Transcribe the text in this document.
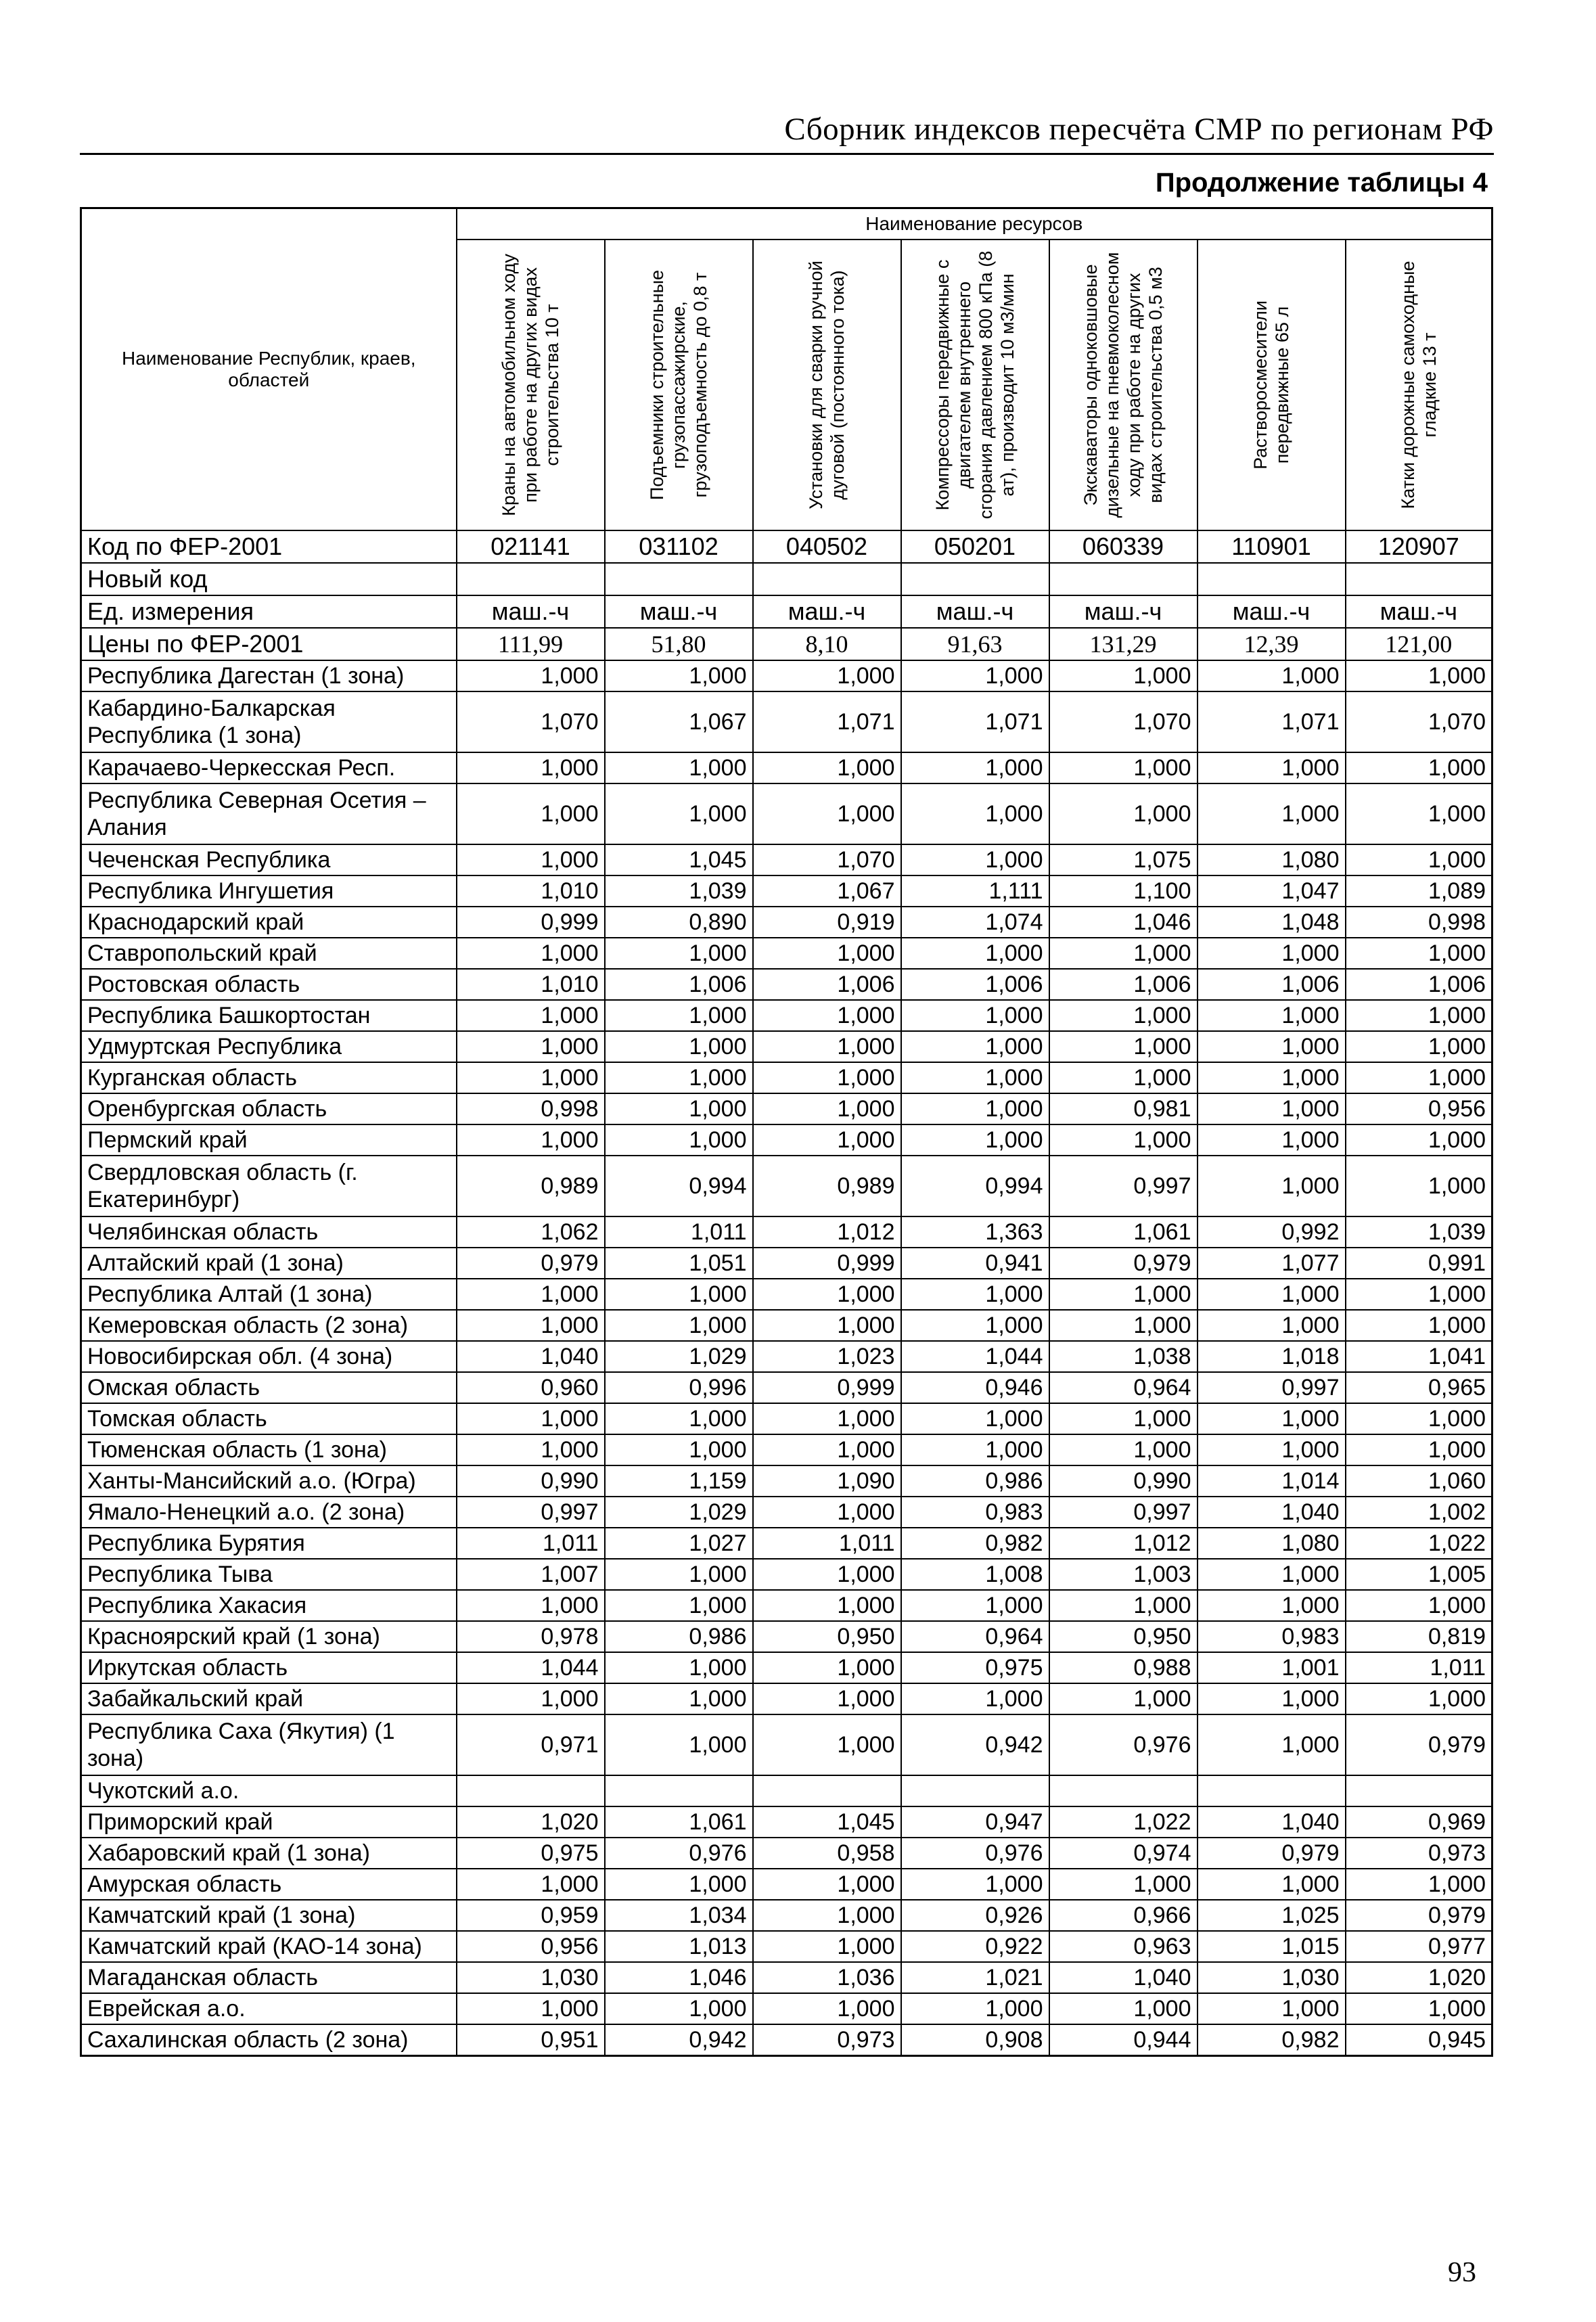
Сборник индексов пересчёта СМР по регионам РФ
Продолжение таблицы 4
Наименование Республик, краев, областей	Наименование ресурсов						

	Краны на автомобильном ходу при работе на других видах строительства 10 т	Подъемники строительные грузопассажирские, грузоподъемность до 0,8 т	Установки для сварки ручной дуговой (постоянного тока)	Компрессоры передвижные с двигателем внутреннего сгорания давлением 800 кПа (8 ат), производит 10 м3/мин	Экскаваторы одноковшовые дизельные на пневмоколесном ходу при работе на других видах строительства 0,5 м3	Растворосмесители передвижные 65 л	Катки дорожные самоходные гладкие 13 т

Код по ФЕР-2001	021141	031102	040502	050201	060339	110901	120907
Новый код							
Ед. измерения	маш.-ч	маш.-ч	маш.-ч	маш.-ч	маш.-ч	маш.-ч	маш.-ч
Цены по ФЕР-2001	111,99	51,80	8,10	91,63	131,29	12,39	121,00
Республика Дагестан (1 зона)	1,000	1,000	1,000	1,000	1,000	1,000	1,000
Кабардино-Балкарская Республика (1 зона)	1,070	1,067	1,071	1,071	1,070	1,071	1,070
Карачаево-Черкесская Респ.	1,000	1,000	1,000	1,000	1,000	1,000	1,000
Республика Северная Осетия – Алания	1,000	1,000	1,000	1,000	1,000	1,000	1,000
Чеченская Республика	1,000	1,045	1,070	1,000	1,075	1,080	1,000
Республика Ингушетия	1,010	1,039	1,067	1,111	1,100	1,047	1,089
Краснодарский край	0,999	0,890	0,919	1,074	1,046	1,048	0,998
Ставропольский край	1,000	1,000	1,000	1,000	1,000	1,000	1,000
Ростовская область	1,010	1,006	1,006	1,006	1,006	1,006	1,006
Республика Башкортостан	1,000	1,000	1,000	1,000	1,000	1,000	1,000
Удмуртская Республика	1,000	1,000	1,000	1,000	1,000	1,000	1,000
Курганская область	1,000	1,000	1,000	1,000	1,000	1,000	1,000
Оренбургская область	0,998	1,000	1,000	1,000	0,981	1,000	0,956
Пермский край	1,000	1,000	1,000	1,000	1,000	1,000	1,000
Свердловская область (г. Екатеринбург)	0,989	0,994	0,989	0,994	0,997	1,000	1,000
Челябинская область	1,062	1,011	1,012	1,363	1,061	0,992	1,039
Алтайский край (1 зона)	0,979	1,051	0,999	0,941	0,979	1,077	0,991
Республика Алтай (1 зона)	1,000	1,000	1,000	1,000	1,000	1,000	1,000
Кемеровская область (2 зона)	1,000	1,000	1,000	1,000	1,000	1,000	1,000
Новосибирская обл. (4 зона)	1,040	1,029	1,023	1,044	1,038	1,018	1,041
Омская область	0,960	0,996	0,999	0,946	0,964	0,997	0,965
Томская область	1,000	1,000	1,000	1,000	1,000	1,000	1,000
Тюменская область (1 зона)	1,000	1,000	1,000	1,000	1,000	1,000	1,000
Ханты-Мансийский а.о. (Югра)	0,990	1,159	1,090	0,986	0,990	1,014	1,060
Ямало-Ненецкий а.о. (2 зона)	0,997	1,029	1,000	0,983	0,997	1,040	1,002
Республика Бурятия	1,011	1,027	1,011	0,982	1,012	1,080	1,022
Республика Тыва	1,007	1,000	1,000	1,008	1,003	1,000	1,005
Республика Хакасия	1,000	1,000	1,000	1,000	1,000	1,000	1,000
Красноярский край (1 зона)	0,978	0,986	0,950	0,964	0,950	0,983	0,819
Иркутская область	1,044	1,000	1,000	0,975	0,988	1,001	1,011
Забайкальский край	1,000	1,000	1,000	1,000	1,000	1,000	1,000
Республика Саха (Якутия) (1 зона)	0,971	1,000	1,000	0,942	0,976	1,000	0,979
Чукотский а.о.							
Приморский край	1,020	1,061	1,045	0,947	1,022	1,040	0,969
Хабаровский край (1 зона)	0,975	0,976	0,958	0,976	0,974	0,979	0,973
Амурская область	1,000	1,000	1,000	1,000	1,000	1,000	1,000
Камчатский край (1 зона)	0,959	1,034	1,000	0,926	0,966	1,025	0,979
Камчатский край (КАО-14 зона)	0,956	1,013	1,000	0,922	0,963	1,015	0,977
Магаданская область	1,030	1,046	1,036	1,021	1,040	1,030	1,020
Еврейская а.о.	1,000	1,000	1,000	1,000	1,000	1,000	1,000
Сахалинская область (2 зона)	0,951	0,942	0,973	0,908	0,944	0,982	0,945
93
